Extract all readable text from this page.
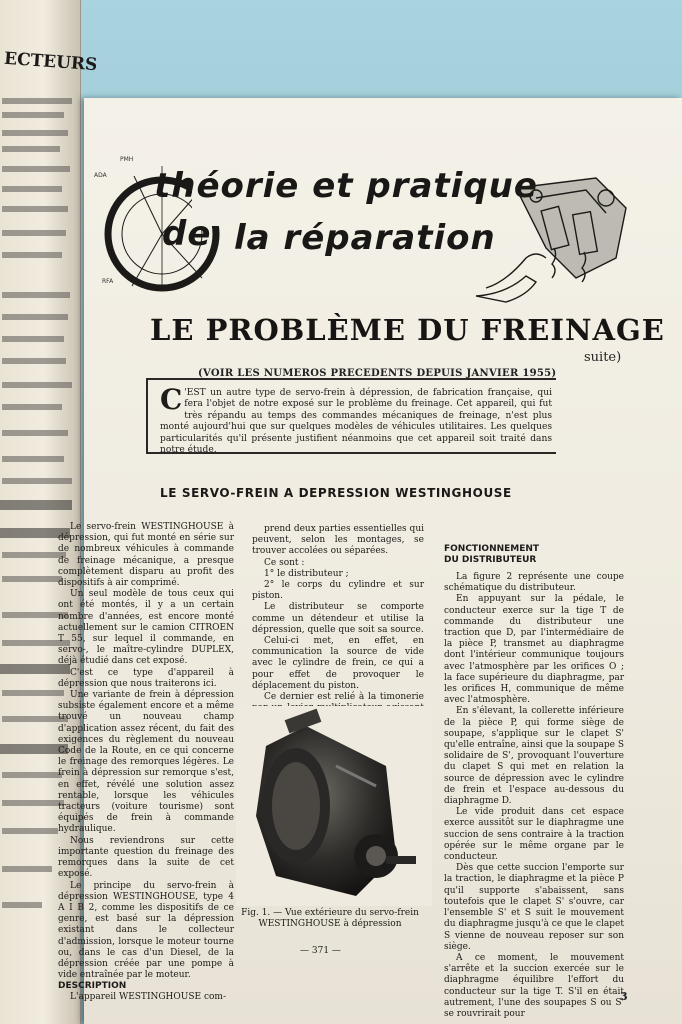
ECTEURS
PMH
ADA
RFA
théorie et pratique
de la réparation
LE PROBLÈME DU FREINAGE
suite)
(VOIR LES NUMEROS PRECEDENTS DEPUIS JANVIER 1955)
C 'EST un autre type de servo-frein à dépression, de fabrication française, qui fera l'objet de notre exposé sur le problème du freinage. Cet appareil, qui fut très répandu au temps des commandes mécaniques de freinage, n'est plus monté aujourd'hui que sur quelques modèles de véhicules utilitaires. Les quelques particularités qu'il présente justifient néanmoins que cet appareil soit traité dans notre étude.
LE SERVO-FREIN A DEPRESSION WESTINGHOUSE

Le servo-frein WESTINGHOUSE à dépression, qui fut monté en série sur de nombreux véhicules à commande de freinage mécanique, a presque complètement disparu au profit des dispositifs à air comprimé.

Un seul modèle de tous ceux qui ont été montés, il y a un certain nombre d'années, est encore monté actuellement sur le camion CITROEN T 55, sur lequel il commande, en servo-, le maître-cylindre DUPLEX, déjà étudié dans cet exposé.

C'est ce type d'appareil à dépression que nous traiterons ici.

Une variante de frein à dépression subsiste également encore et a même trouvé un nouveau champ d'application assez récent, du fait des exigences du règlement du nouveau Code de la Route, en ce qui concerne le freinage des remorques légères. Le frein à dépression sur remorque s'est, en effet, révélé une solution assez rentable, lorsque les véhicules tracteurs (voiture tourisme) sont équipés de frein à commande hydraulique.

Nous reviendrons sur cette importante question du freinage des remorques dans la suite de cet exposé.

Le principe du servo-frein à dépression WESTINGHOUSE, type 4 A I B 2, comme les dispositifs de ce genre, est basé sur la dépression existant dans le collecteur d'admission, lorsque le moteur tourne ou, dans le cas d'un Diesel, de la dépression créée par une pompe à vide entraînée par le moteur.

DESCRIPTION

L'appareil WESTINGHOUSE com-

prend deux parties essentielles qui peuvent, selon les montages, se trouver accolées ou séparées.

Ce sont :

1° le distributeur ;

2° le corps du cylindre et sur piston.

Le distributeur se comporte comme un détendeur et utilise la dépression, quelle que soit sa source.

Celui-ci met, en effet, en communication la source de vide avec le cylindre de frein, ce qui a pour effet de provoquer le déplacement du piston.

Ce dernier est relié à la timonerie

Fig. 1. — Vue extérieure du servo-frein
WESTINGHOUSE à dépression

FONCTIONNEMENT

DU DISTRIBUTEUR

La figure 2 représente une coupe schématique du distributeur.

En appuyant sur la pédale, le conducteur exerce sur la tige T de commande du distributeur une traction que D, par l'intermédiaire de la pièce P, transmet au diaphragme dont l'intérieur communique toujours avec l'atmosphère par les orifices O ; la face supérieure du diaphragme, par les orifices H, communique de même avec l'atmosphère.

En s'élevant, la collerette inférieure de la pièce P, qui forme siège de soupape, s'applique sur le clapet S' qu'elle entraîne, ainsi que la soupape S solidaire de S', provoquant l'ouverture du clapet S qui met en relation la source de dépression avec le cylindre de frein et l'espace au-dessous du diaphragme D.

Le vide produit dans cet espace exerce aussitôt sur le diaphragme une succion de sens contraire à la traction opérée sur le même organe par le conducteur.

Dès que cette succion l'emporte sur la traction, le diaphragme et la pièce P qu'il supporte s'abaissent, sans toutefois que le clapet S' s'ouvre, car l'ensemble S' et S suit le mouvement du diaphragme jusqu'à ce que le clapet S vienne de nouveau reposer sur son siège.

A ce moment, le mouvement s'arrête et la succion exercée sur le diaphragme équilibre l'effort du conducteur sur la tige T. S'il en était autrement, l'une des soupapes S ou S' se rouvrirait pour

— 371 —
3
